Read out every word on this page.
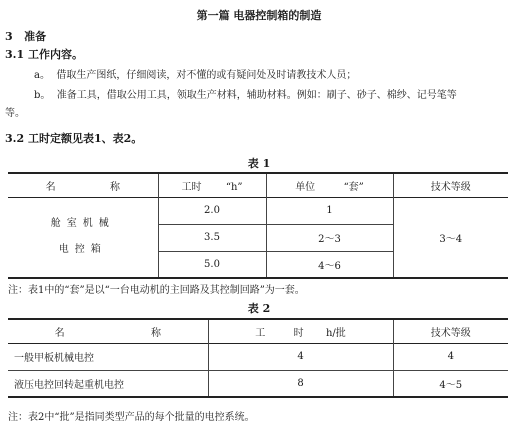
第一篇 电器控制箱的制造
3 准备
3.1 工作内容。
a。 借取生产图纸，仔细阅读，对不懂的或有疑问处及时请教技术人员；
b。 准备工具，借取公用工具，领取生产材料，辅助材料。例如：刷子、砂子、棉纱、记号笔等
等。
3.2 工时定额见表1、表2。
表 1
名 称	工时 “h”	单位 “套”	技术等级

舱室机械
电控箱	2.0	1	3～4
	3.5	2～3	
	5.0	4～6	
注：表1中的“套”是以“一台电动机的主回路及其控制回路”为一套。
表 2
名 称	工 时 h/批	技术等级
一般甲板机械电控	4	4
液压电控回转起重机电控	8	4～5
注：表2中“批”是指同类型产品的每个批量的电控系统。
